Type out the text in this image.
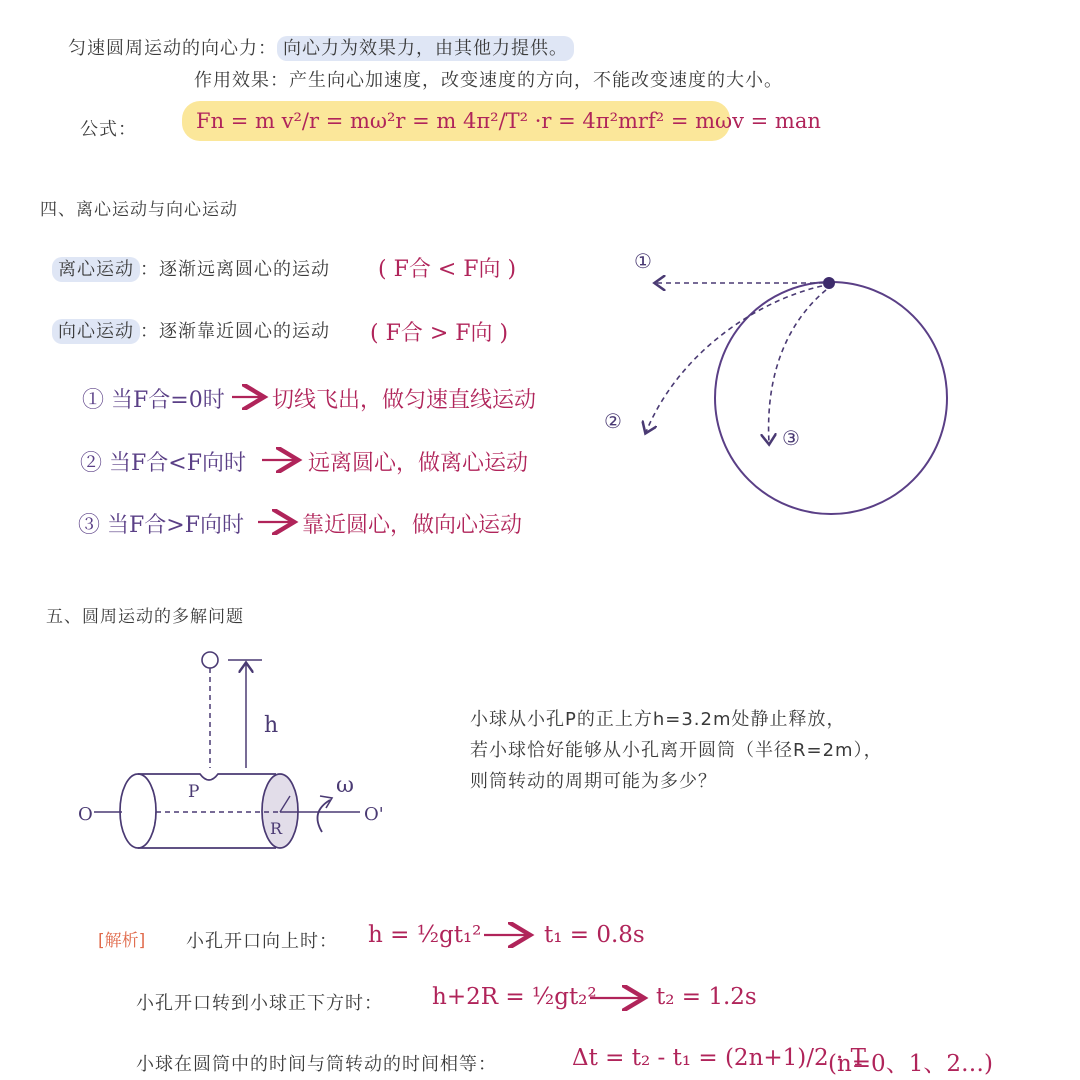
匀速圆周运动的向心力： 向心力为效果力，由其他力提供。
作用效果：产生向心加速度，改变速度的方向，不能改变速度的大小。
公式：	Fn = m v²/r = mω²r = m 4π²/T² ·r = 4π²mrf² = mωv = man
四、离心运动与向心运动
离心运动 ：逐渐远离圆心的运动 ( F合 < F向 )
向心运动 ：逐渐靠近圆心的运动 ( F合 > F向 )
① 当F合=0时 切线飞出，做匀速直线运动
② 当F合<F向时	远离圆心，做离心运动
③ 当F合>F向时	靠近圆心，做向心运动
五、圆周运动的多解问题
小球从小孔P的正上方h=3.2m处静止释放，
若小球恰好能够从小孔离开圆筒（半径R=2m），
则筒转动的周期可能为多少？
[解析] 小孔开口向上时： h = ½gt₁²	t₁ = 0.8s
小孔开口转到小球正下方时： h+2R = ½gt₂²	t₂ = 1.2s
小球在圆筒中的时间与筒转动的时间相等：	Δt = t₂ - t₁ = (2n+1)/2 · T
(n=0、1、2…)
①
②
③
h
P
R
ω
O	O'
